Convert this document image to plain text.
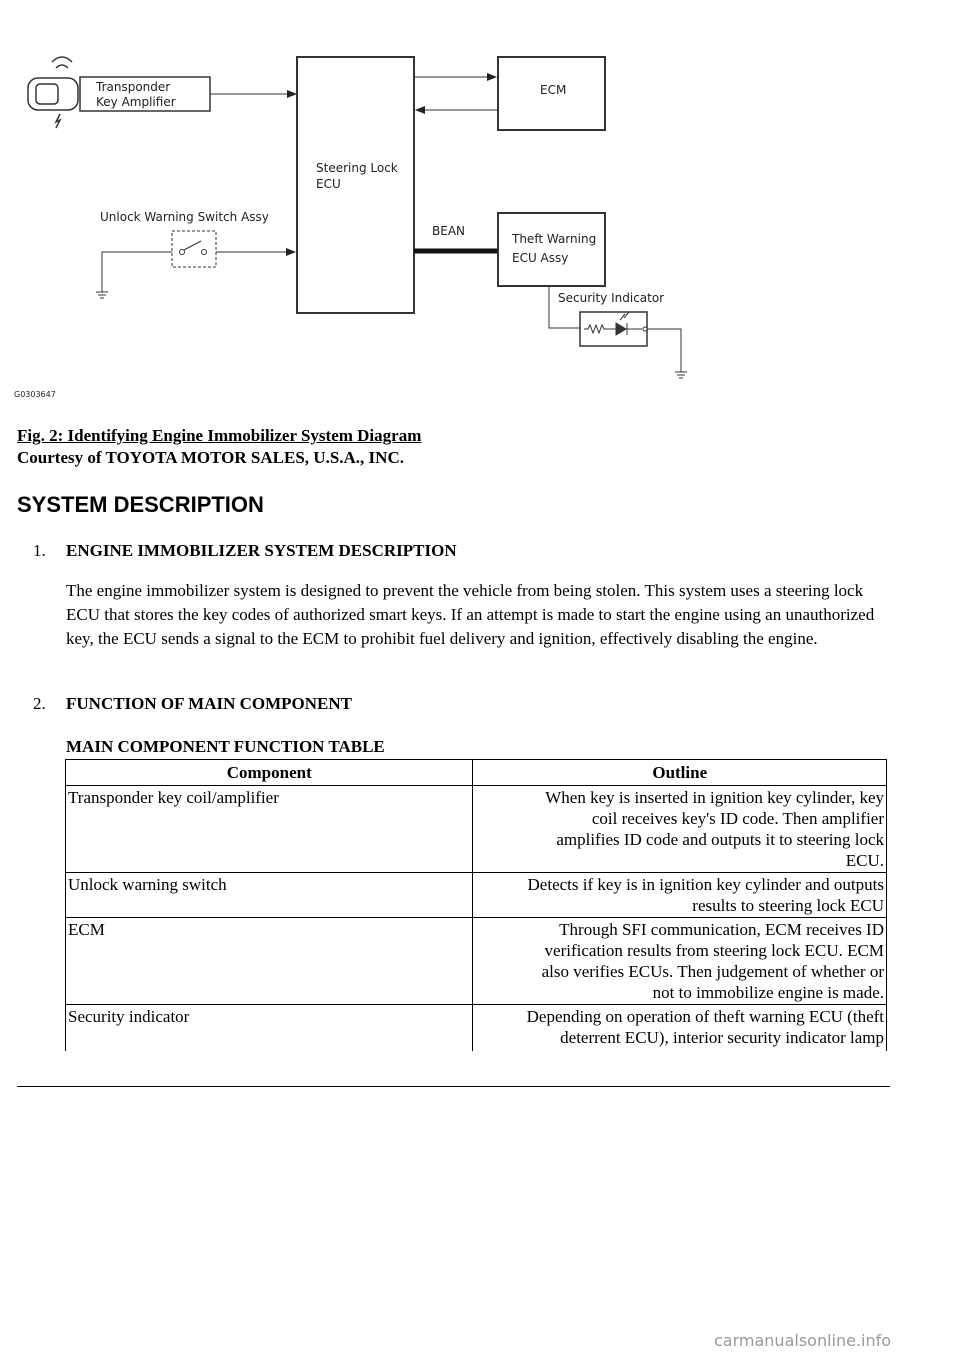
Transponder
Key Amplifier
Steering Lock
ECU
ECM
Unlock Warning Switch Assy
BEAN
Theft Warning
ECU Assy
Security Indicator
G0303647
Fig. 2: Identifying Engine Immobilizer System Diagram
Courtesy of TOYOTA MOTOR SALES, U.S.A., INC.
SYSTEM DESCRIPTION
1. ENGINE IMMOBILIZER SYSTEM DESCRIPTION
The engine immobilizer system is designed to prevent the vehicle from being stolen. This system uses a steering lock ECU that stores the key codes of authorized smart keys. If an attempt is made to start the engine using an unauthorized key, the ECU sends a signal to the ECM to prohibit fuel delivery and ignition, effectively disabling the engine.
2. FUNCTION OF MAIN COMPONENT
MAIN COMPONENT FUNCTION TABLE
Component	Outline
Transponder key coil/amplifier	When key is inserted in ignition key cylinder, key
coil receives key's ID code. Then amplifier
amplifies ID code and outputs it to steering lock
ECU.

Unlock warning switch	Detects if key is in ignition key cylinder and outputs
results to steering lock ECU

ECM	Through SFI communication, ECM receives ID
verification results from steering lock ECU. ECM
also verifies ECUs. Then judgement of whether or
not to immobilize engine is made.

Security indicator	Depending on operation of theft warning ECU (theft
deterrent ECU), interior security indicator lamp
carmanualsonline.info
